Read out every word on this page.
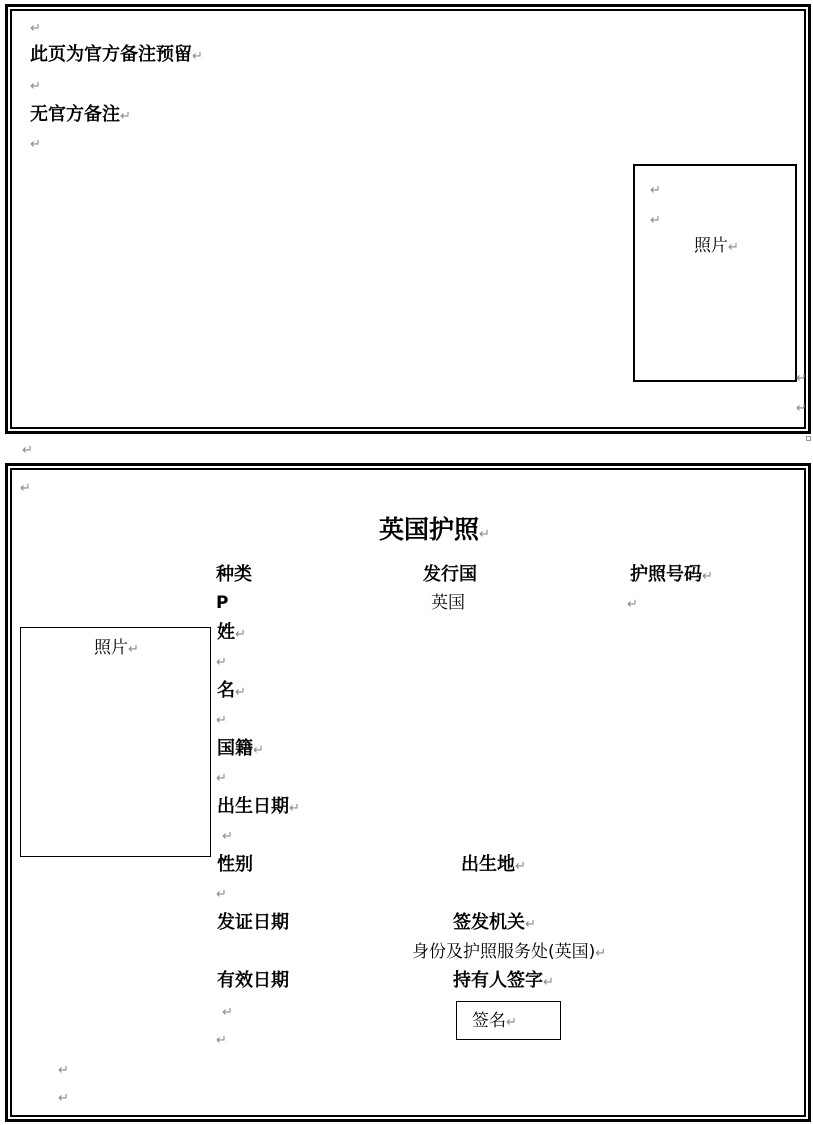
↵
此页为官方备注预留↵
↵
无官方备注↵
↵
↵
↵
照片↵
↵
↵
↵
↵
英国护照↵
种类	发行国	护照号码↵
P	英国	↵
照片↵
姓↵
↵
名↵
↵
国籍↵
↵
出生日期↵
↵
性别	出生地↵
↵
发证日期	签发机关↵
身份及护照服务处(英国)↵
有效日期	持有人签字↵
↵	签名↵
↵
↵
↵
